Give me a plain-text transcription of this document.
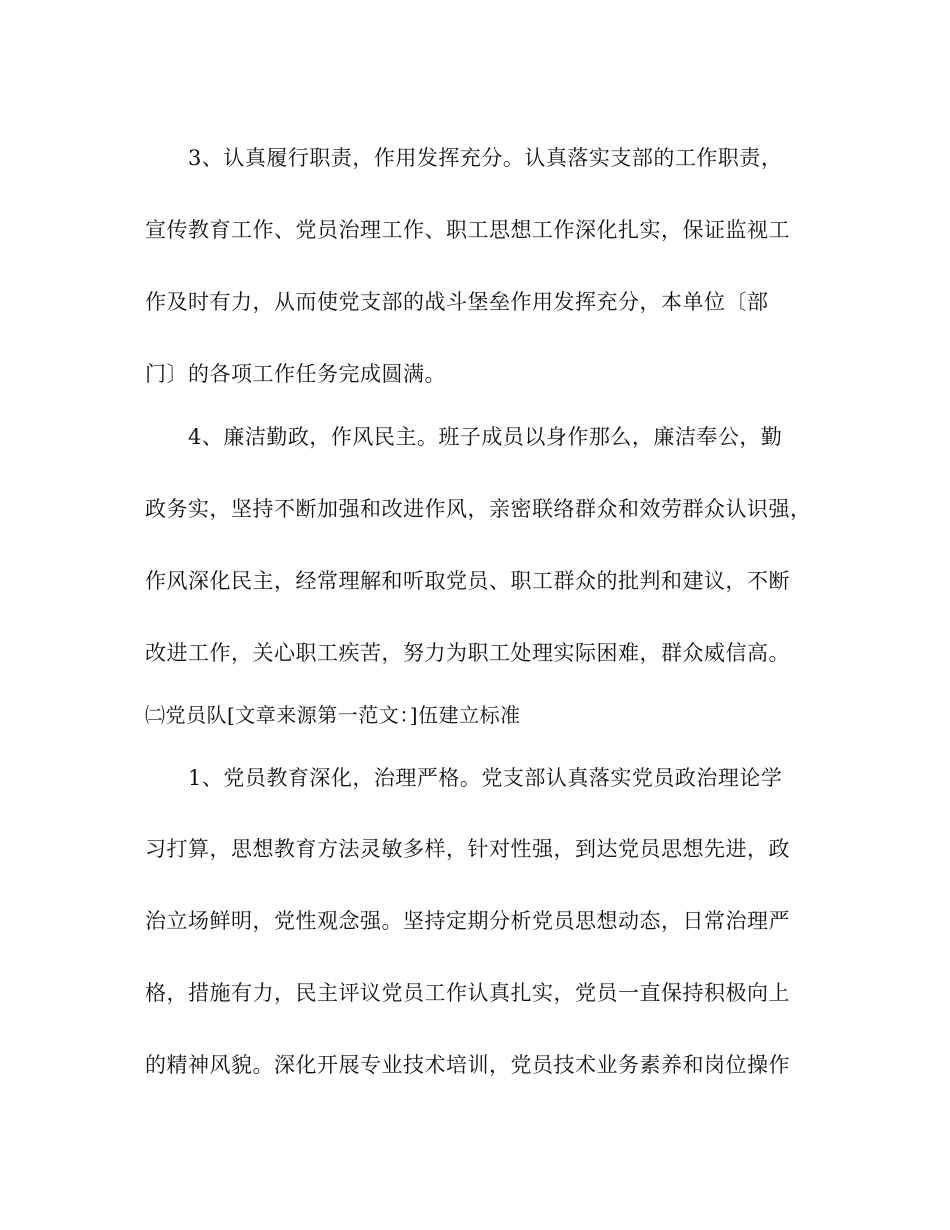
3、认真履行职责，作用发挥充分。认真落实支部的工作职责，
宣传教育工作、党员治理工作、职工思想工作深化扎实，保证监视工
作及时有力，从而使党支部的战斗堡垒作用发挥充分，本单位〔部
门〕的各项工作任务完成圆满。
4、廉洁勤政，作风民主。班子成员以身作那么，廉洁奉公，勤
政务实，坚持不断加强和改进作风，亲密联络群众和效劳群众认识强，
作风深化民主，经常理解和听取党员、职工群众的批判和建议，不断
改进工作，关心职工疾苦，努力为职工处理实际困难，群众威信高。
㈡党员队[文章来源第一范文：]伍建立标准
1、党员教育深化，治理严格。党支部认真落实党员政治理论学
习打算，思想教育方法灵敏多样，针对性强，到达党员思想先进，政
治立场鲜明，党性观念强。坚持定期分析党员思想动态，日常治理严
格，措施有力，民主评议党员工作认真扎实，党员一直保持积极向上
的精神风貌。深化开展专业技术培训，党员技术业务素养和岗位操作
